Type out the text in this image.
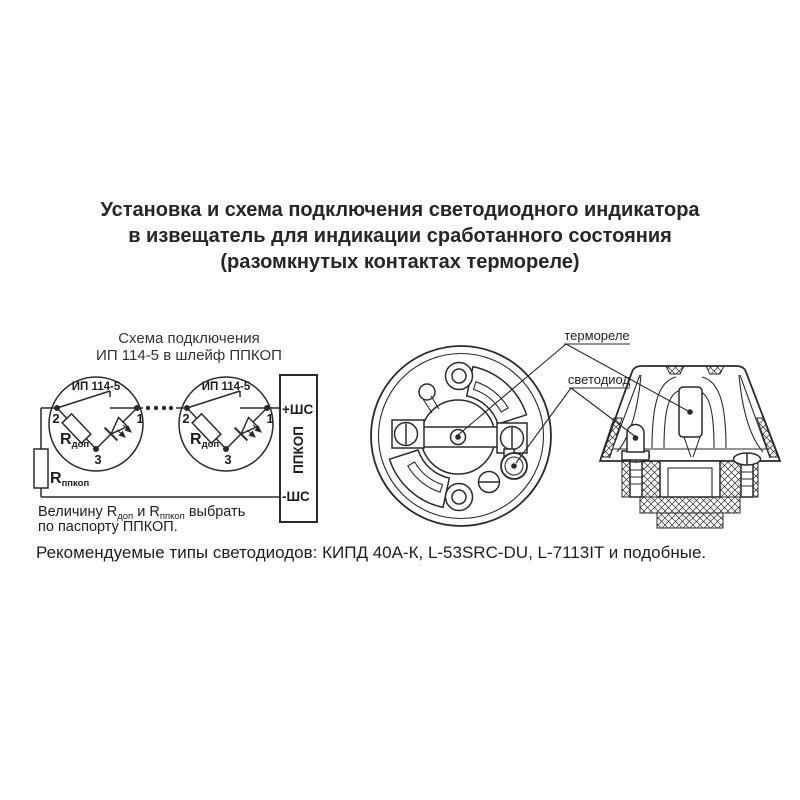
Установка и схема подключения светодиодного индикатора
в извещатель для индикации сработанного состояния
(разомкнутых контактах термореле)
Схема подключения
ИП 114-5 в шлейф ППКОП
ИП 114-5
Rдоп
2	1
3
ИП 114-5
Rдоп
2	1
3
+ШС
-ШС
ППКОП
Rппкоп
Величину $R_{доп}$ и $R_{ппкоп}$ выбрать
по паспорту ППКОП.
термореле
светодиод
Рекомендуемые типы светодиодов: КИПД 40А-К, L-53SRC-DU, L-7113IT и подобные.
